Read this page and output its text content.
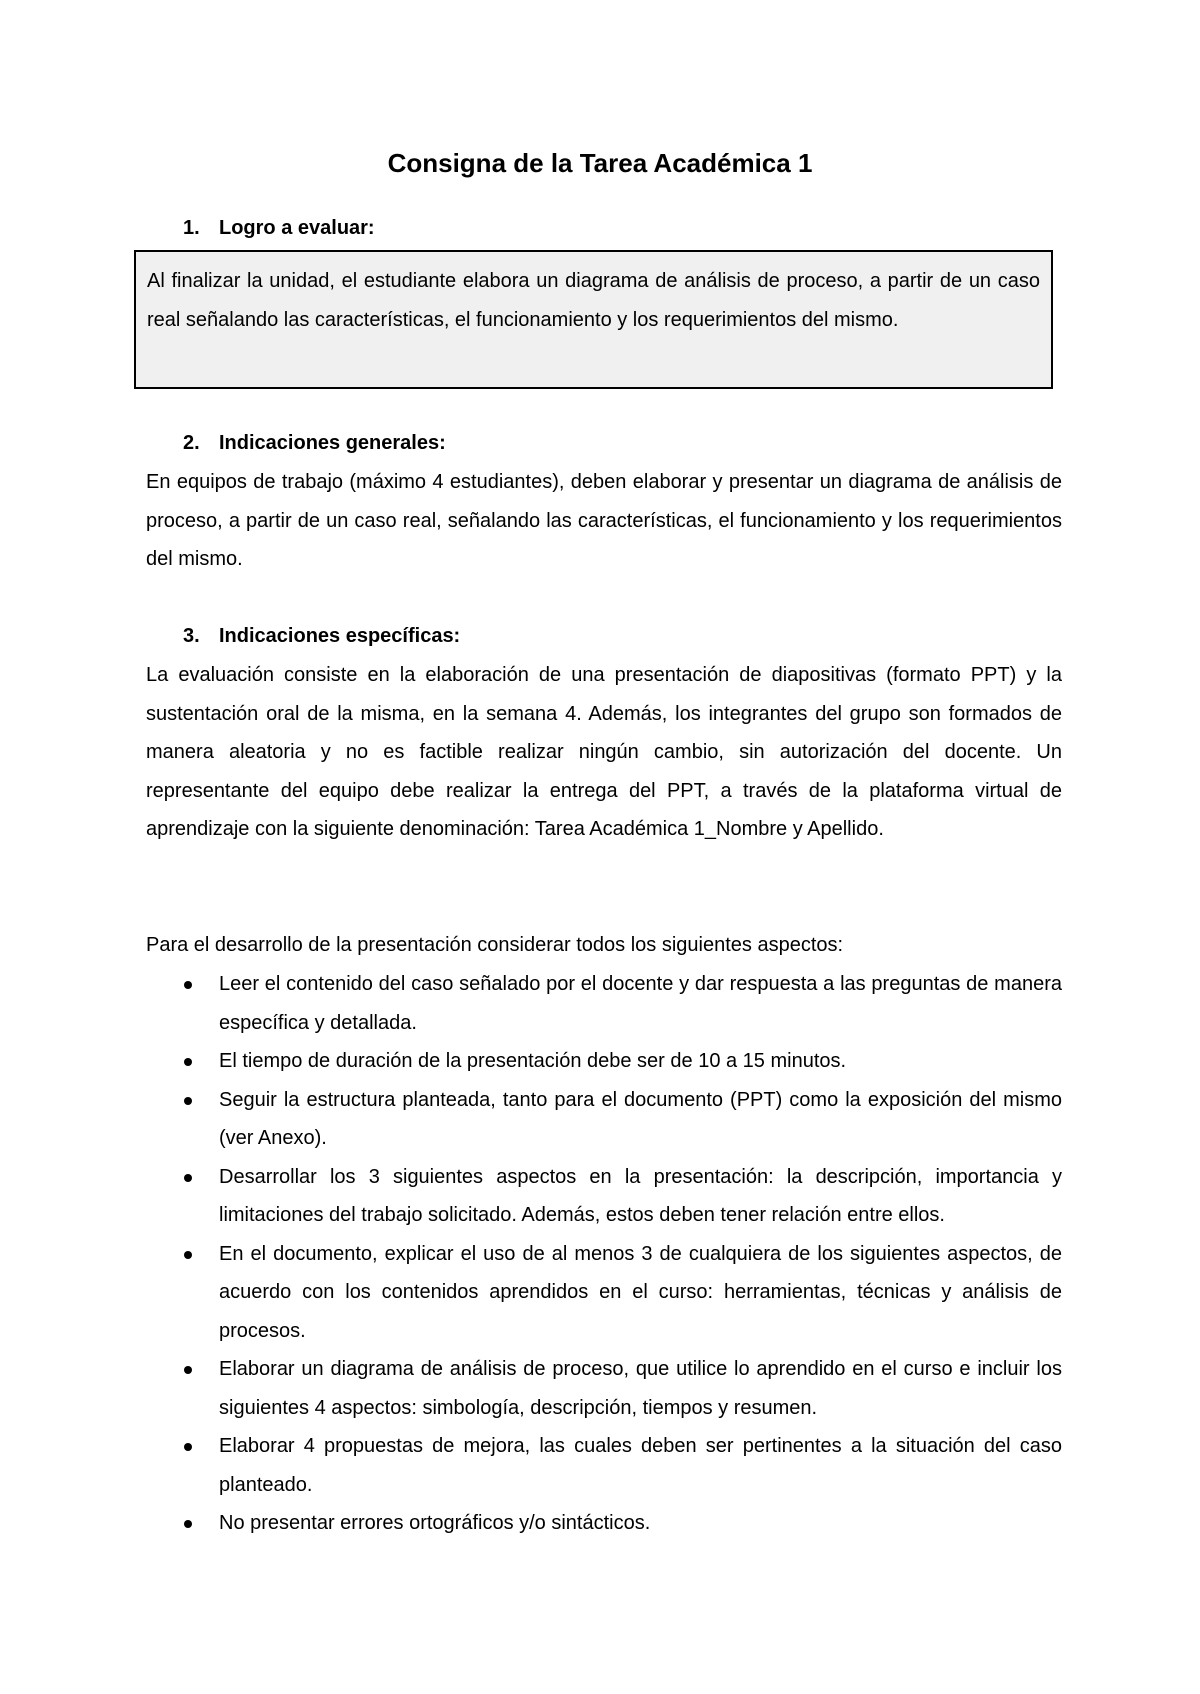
Consigna de la Tarea Académica 1
1. Logro a evaluar:

Al finalizar la unidad, el estudiante elabora un diagrama de análisis de proceso, a partir de un caso real señalando las características, el funcionamiento y los requerimientos del mismo.

2. Indicaciones generales:

En equipos de trabajo (máximo 4 estudiantes), deben elaborar y presentar un diagrama de análisis de proceso, a partir de un caso real, señalando las características, el funcionamiento y los requerimientos del mismo.

3. Indicaciones específicas:

La evaluación consiste en la elaboración de una presentación de diapositivas (formato PPT) y la sustentación oral de la misma, en la semana 4. Además, los integrantes del grupo son formados de manera aleatoria y no es factible realizar ningún cambio, sin autorización del docente. Un representante del equipo debe realizar la entrega del PPT, a través de la plataforma virtual de aprendizaje con la siguiente denominación: Tarea Académica 1_Nombre y Apellido.

Para el desarrollo de la presentación considerar todos los siguientes aspectos:

Leer el contenido del caso señalado por el docente y dar respuesta a las preguntas de manera específica y detallada.
El tiempo de duración de la presentación debe ser de 10 a 15 minutos.
Seguir la estructura planteada, tanto para el documento (PPT) como la exposición del mismo (ver Anexo).
Desarrollar los 3 siguientes aspectos en la presentación: la descripción, importancia y limitaciones del trabajo solicitado. Además, estos deben tener relación entre ellos.
En el documento, explicar el uso de al menos 3 de cualquiera de los siguientes aspectos, de acuerdo con los contenidos aprendidos en el curso: herramientas, técnicas y análisis de procesos.
Elaborar un diagrama de análisis de proceso, que utilice lo aprendido en el curso e incluir los siguientes 4 aspectos: simbología, descripción, tiempos y resumen.
Elaborar 4 propuestas de mejora, las cuales deben ser pertinentes a la situación del caso planteado.
No presentar errores ortográficos y/o sintácticos.
